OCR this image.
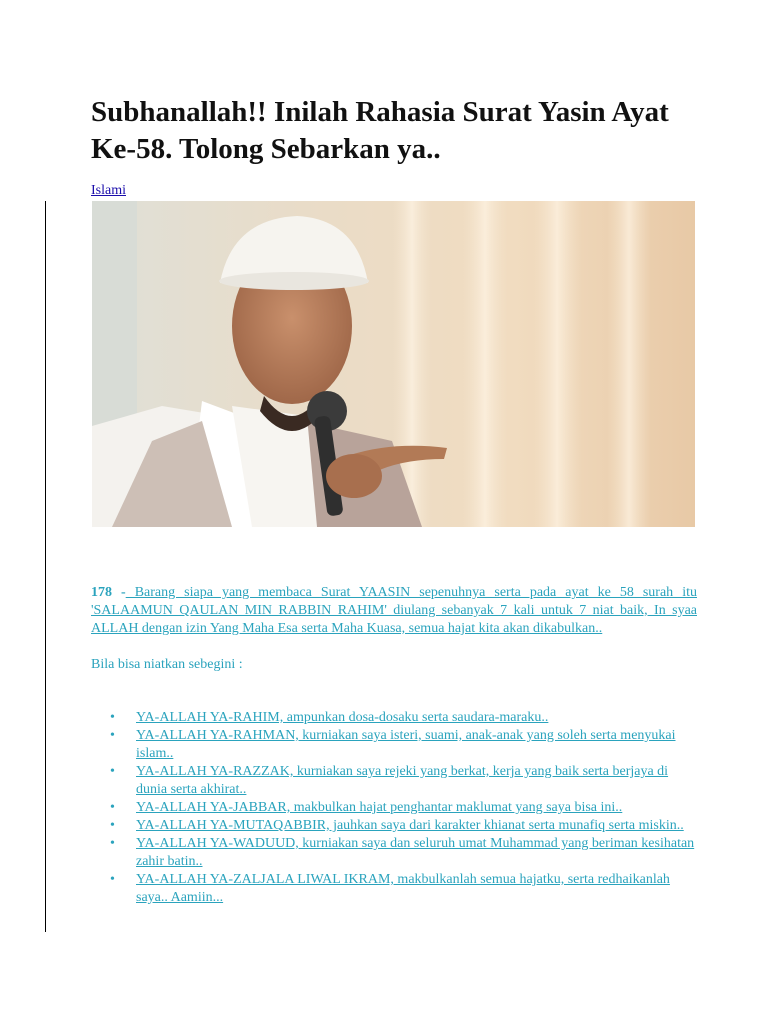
Subhanallah!! Inilah Rahasia Surat Yasin Ayat Ke-58. Tolong Sebarkan ya..
Islami

178 - Barang siapa yang membaca Surat YAASIN sepenuhnya serta pada ayat ke 58 surah itu 'SALAAMUN QAULAN MIN RABBIN RAHIM' diulang sebanyak 7 kali untuk 7 niat baik, In syaa ALLAH dengan izin Yang Maha Esa serta Maha Kuasa, semua hajat kita akan dikabulkan..

Bila bisa niatkan sebegini :

• YA-ALLAH YA-RAHIM, ampunkan dosa-dosaku serta saudara-maraku..
• YA-ALLAH YA-RAHMAN, kurniakan saya isteri, suami, anak-anak yang soleh serta menyukai islam..
• YA-ALLAH YA-RAZZAK, kurniakan saya rejeki yang berkat, kerja yang baik serta berjaya di dunia serta akhirat..
• YA-ALLAH YA-JABBAR, makbulkan hajat penghantar maklumat yang saya bisa ini..
• YA-ALLAH YA-MUTAQABBIR, jauhkan saya dari karakter khianat serta munafiq serta miskin..
• YA-ALLAH YA-WADUUD, kurniakan saya dan seluruh umat Muhammad yang beriman kesihatan zahir batin..
• YA-ALLAH YA-ZALJALA LIWAL IKRAM, makbulkanlah semua hajatku, serta redhaikanlah saya.. Aamiin...
